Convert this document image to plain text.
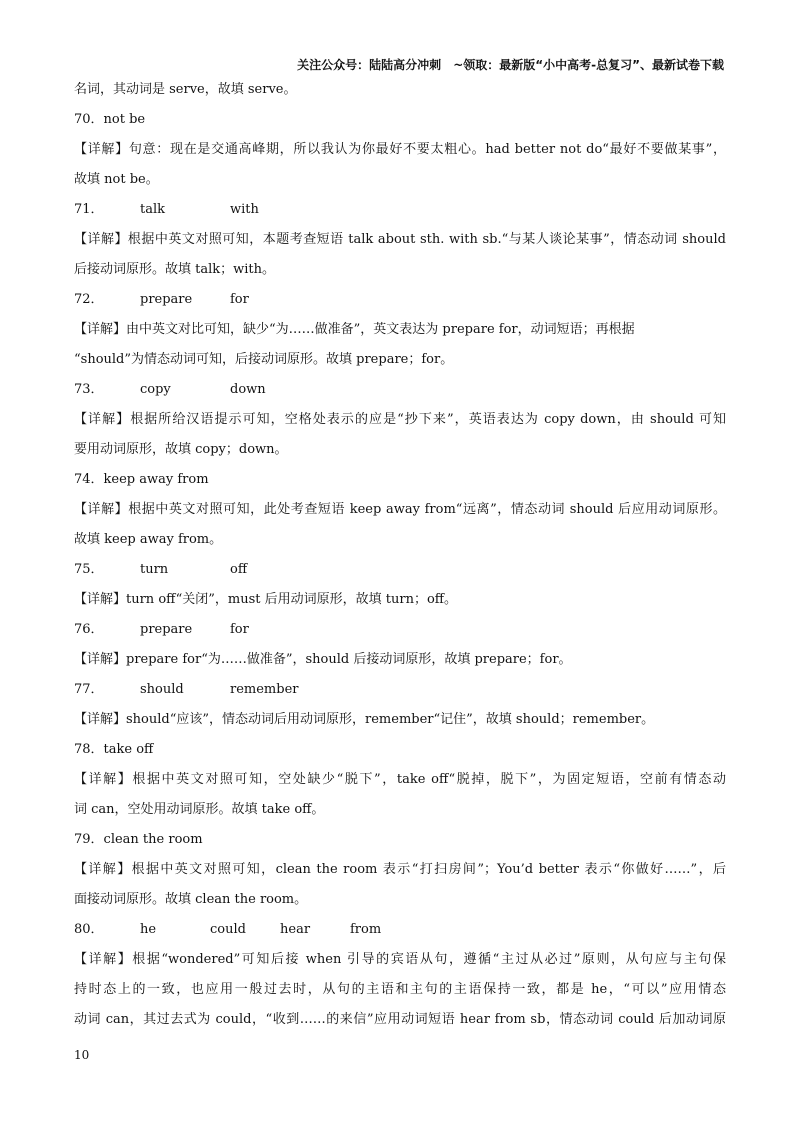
关注公众号：陆陆高分冲刺 ~领取：最新版“小中高考-总复习”、最新试卷下载
名词，其动词是 serve，故填 serve。
70．not be
【详解】句意：现在是交通高峰期，所以我认为你最好不要太粗心。had better not do“最好不要做某事”，
故填 not be。
71．	talk	with
【详解】根据中英文对照可知，本题考查短语 talk about sth. with sb.“与某人谈论某事”，情态动词 should
后接动词原形。故填 talk；with。
72．	prepare	for
【详解】由中英文对比可知，缺少“为……做准备”，英文表达为 prepare for，动词短语；再根据
“should”为情态动词可知，后接动词原形。故填 prepare；for。
73．	copy	down
【详解】根据所给汉语提示可知，空格处表示的应是“抄下来”，英语表达为 copy down，由 should 可知
要用动词原形，故填 copy；down。
74．keep away from
【详解】根据中英文对照可知，此处考查短语 keep away from“远离”，情态动词 should 后应用动词原形。
故填 keep away from。
75．	turn	off
【详解】turn off“关闭”，must 后用动词原形，故填 turn；off。
76．	prepare	for
【详解】prepare for“为……做准备”，should 后接动词原形，故填 prepare；for。
77．	should	remember
【详解】should“应该”，情态动词后用动词原形，remember“记住”，故填 should；remember。
78．take off
【详解】根据中英文对照可知，空处缺少“脱下”，take off“脱掉，脱下”，为固定短语，空前有情态动
词 can，空处用动词原形。故填 take off。
79．clean the room
【详解】根据中英文对照可知，clean the room 表示“打扫房间”；You’d better 表示“你做好……”，后
面接动词原形。故填 clean the room。
80．	he	could	hear	from
【详解】根据“wondered”可知后接 when 引导的宾语从句，遵循“主过从必过”原则，从句应与主句保
持时态上的一致，也应用一般过去时，从句的主语和主句的主语保持一致，都是 he，“可以”应用情态
动词 can，其过去式为 could，“收到……的来信”应用动词短语 hear from sb，情态动词 could 后加动词原
10
